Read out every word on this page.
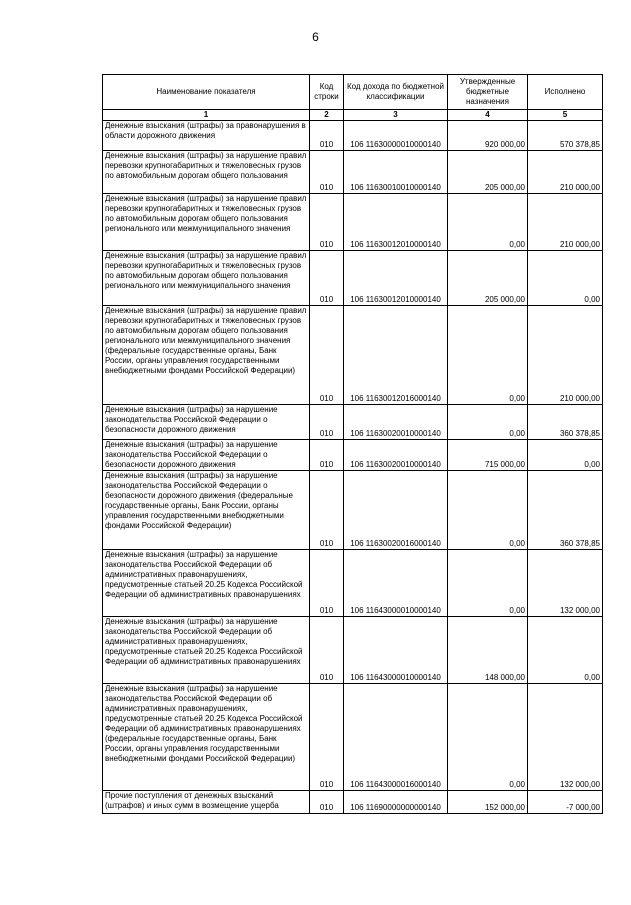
6
Наименование показателя	Код строки	Код дохода по бюджетной классификации	Утвержденные бюджетные назначения	Исполнено
1	2	3	4	5
Денежные взыскания (штрафы) за правонарушения в области дорожного движения	010	106 11630000010000140	920 000,00	570 378,85
Денежные взыскания (штрафы) за нарушение правил перевозки крупногабаритных и тяжеловесных грузов по автомобильным дорогам общего пользования	010	106 11630010010000140	205 000,00	210 000,00
Денежные взыскания (штрафы) за нарушение правил перевозки крупногабаритных и тяжеловесных грузов по автомобильным дорогам общего пользования регионального или межмуниципального значения	010	106 11630012010000140	0,00	210 000,00
Денежные взыскания (штрафы) за нарушение правил перевозки крупногабаритных и тяжеловесных грузов по автомобильным дорогам общего пользования регионального или межмуниципального значения	010	106 11630012010000140	205 000,00	0,00
Денежные взыскания (штрафы) за нарушение правил перевозки крупногабаритных и тяжеловесных грузов по автомобильным дорогам общего пользования регионального или межмуниципального значения (федеральные государственные органы, Банк России, органы управления государственными внебюджетными фондами Российской Федерации)	010	106 11630012016000140	0,00	210 000,00
Денежные взыскания (штрафы) за нарушение законодательства Российской Федерации о безопасности дорожного движения	010	106 11630020010000140	0,00	360 378,85
Денежные взыскания (штрафы) за нарушение законодательства Российской Федерации о безопасности дорожного движения	010	106 11630020010000140	715 000,00	0,00
Денежные взыскания (штрафы) за нарушение законодательства Российской Федерации о безопасности дорожного движения (федеральные государственные органы, Банк России, органы управления государственными внебюджетными фондами Российской Федерации)	010	106 11630020016000140	0,00	360 378,85
Денежные взыскания (штрафы) за нарушение законодательства Российской Федерации об административных правонарушениях, предусмотренные статьей 20.25 Кодекса Российской Федерации об административных правонарушениях	010	106 11643000010000140	0,00	132 000,00
Денежные взыскания (штрафы) за нарушение законодательства Российской Федерации об административных правонарушениях, предусмотренные статьей 20.25 Кодекса Российской Федерации об административных правонарушениях	010	106 11643000010000140	148 000,00	0,00
Денежные взыскания (штрафы) за нарушение законодательства Российской Федерации об административных правонарушениях, предусмотренные статьей 20.25 Кодекса Российской Федерации об административных правонарушениях (федеральные государственные органы, Банк России, органы управления государственными внебюджетными фондами Российской Федерации)	010	106 11643000016000140	0,00	132 000,00
Прочие поступления от денежных взысканий (штрафов) и иных сумм в возмещение ущерба	010	106 11690000000000140	152 000,00	-7 000,00
